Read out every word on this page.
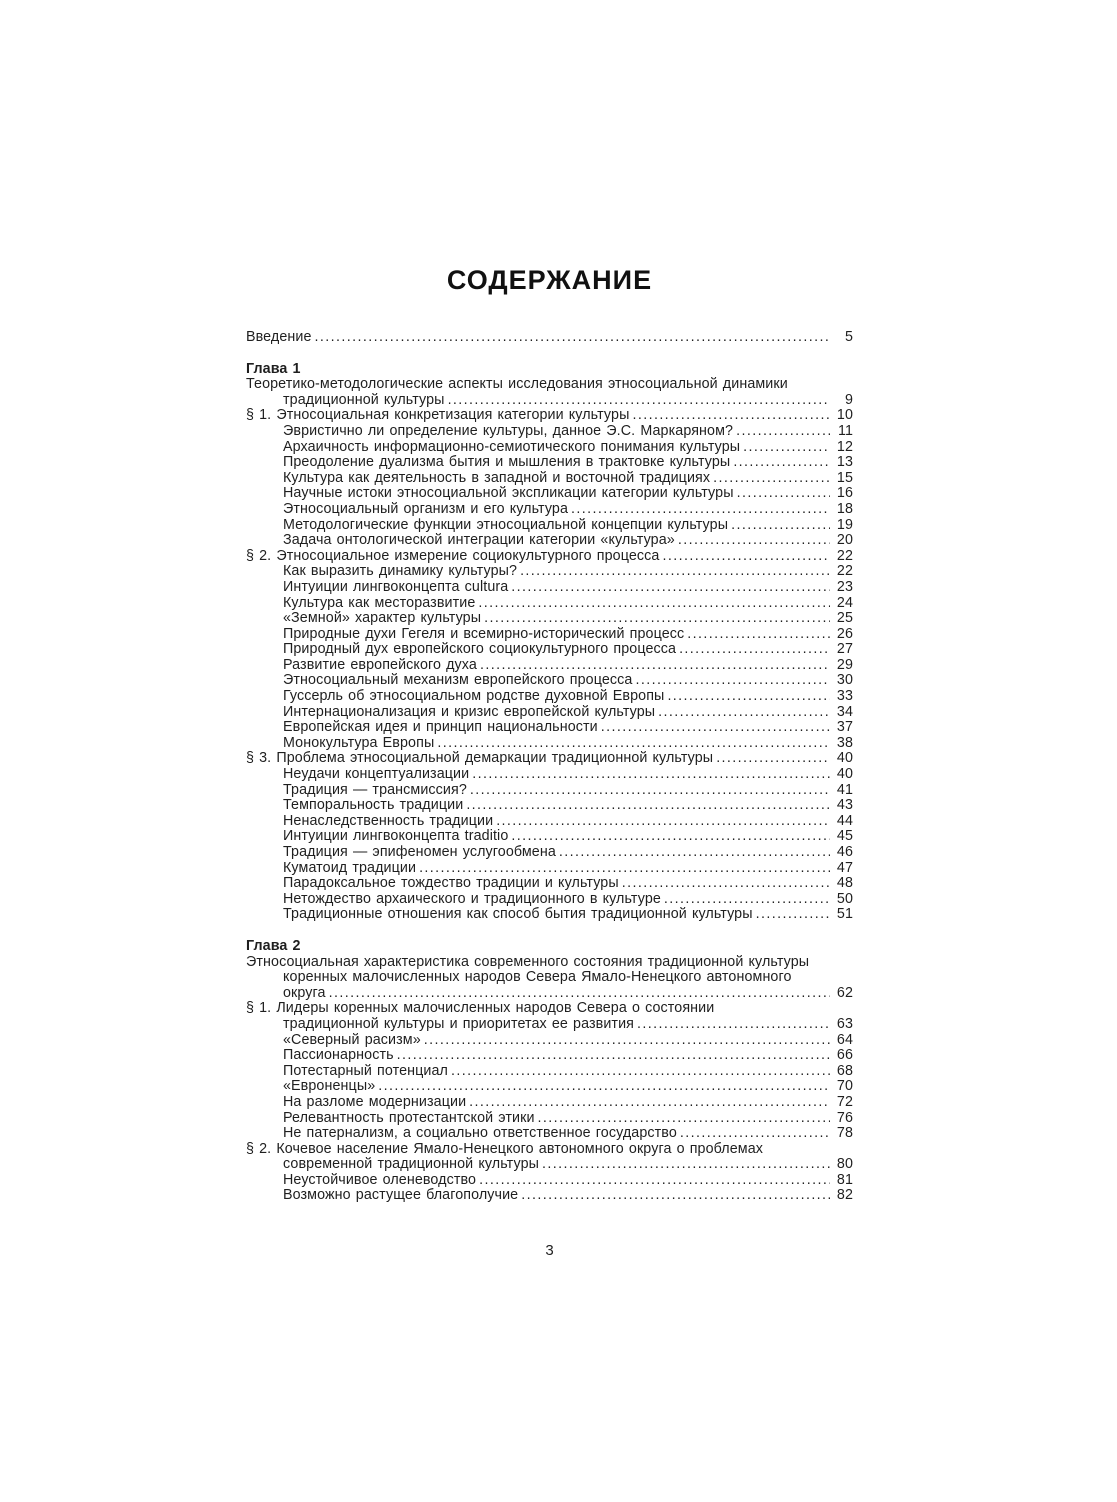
СОДЕРЖАНИЕ
Введение .....	5
Глава 1
Теоретико-методологические аспекты исследования этносоциальной динамики
традиционной культуры .....	9
§ 1. Этносоциальная конкретизация категории культуры .....	10
Эвристично ли определение культуры, данное Э.С. Маркаряном? .....	11
Архаичность информационно-семиотического понимания культуры .....	12
Преодоление дуализма бытия и мышления в трактовке культуры .....	13
Культура как деятельность в западной и восточной традициях .....	15
Научные истоки этносоциальной экспликации категории культуры .....	16
Этносоциальный организм и его культура .....	18
Методологические функции этносоциальной концепции культуры .....	19
Задача онтологической интеграции категории «культура» .....	20
§ 2. Этносоциальное измерение социокультурного процесса .....	22
Как выразить динамику культуры? .....	22
Интуиции лингвоконцепта cultura .....	23
Культура как месторазвитие .....	24
«Земной» характер культуры .....	25
Природные духи Гегеля и всемирно-исторический процесс .....	26
Природный дух европейского социокультурного процесса .....	27
Развитие европейского духа .....	29
Этносоциальный механизм европейского процесса .....	30
Гуссерль об этносоциальном родстве духовной Европы .....	33
Интернационализация и кризис европейской культуры .....	34
Европейская идея и принцип национальности .....	37
Монокультура Европы .....	38
§ 3. Проблема этносоциальной демаркации традиционной культуры .....	40
Неудачи концептуализации .....	40
Традиция — трансмиссия? .....	41
Темпоральность традиции .....	43
Ненаследственность традиции .....	44
Интуиции лингвоконцепта traditio .....	45
Традиция — эпифеномен услугообмена .....	46
Куматоид традиции .....	47
Парадоксальное тождество традиции и культуры .....	48
Нетождество архаического и традиционного в культуре .....	50
Традиционные отношения как способ бытия традиционной культуры .....	51
Глава 2
Этносоциальная характеристика современного состояния традиционной культуры
коренных малочисленных народов Севера Ямало-Ненецкого автономного
округа .....	62
§ 1. Лидеры коренных малочисленных народов Севера о состоянии
традиционной культуры и приоритетах ее развития .....	63
«Северный расизм» .....	64
Пассионарность .....	66
Потестарный потенциал .....	68
«Евроненцы» .....	70
На разломе модернизации .....	72
Релевантность протестантской этики .....	76
Не патернализм, а социально ответственное государство .....	78
§ 2. Кочевое население Ямало-Ненецкого автономного округа о проблемах
современной традиционной культуры .....	80
Неустойчивое оленеводство .....	81
Возможно растущее благополучие .....	82
3
